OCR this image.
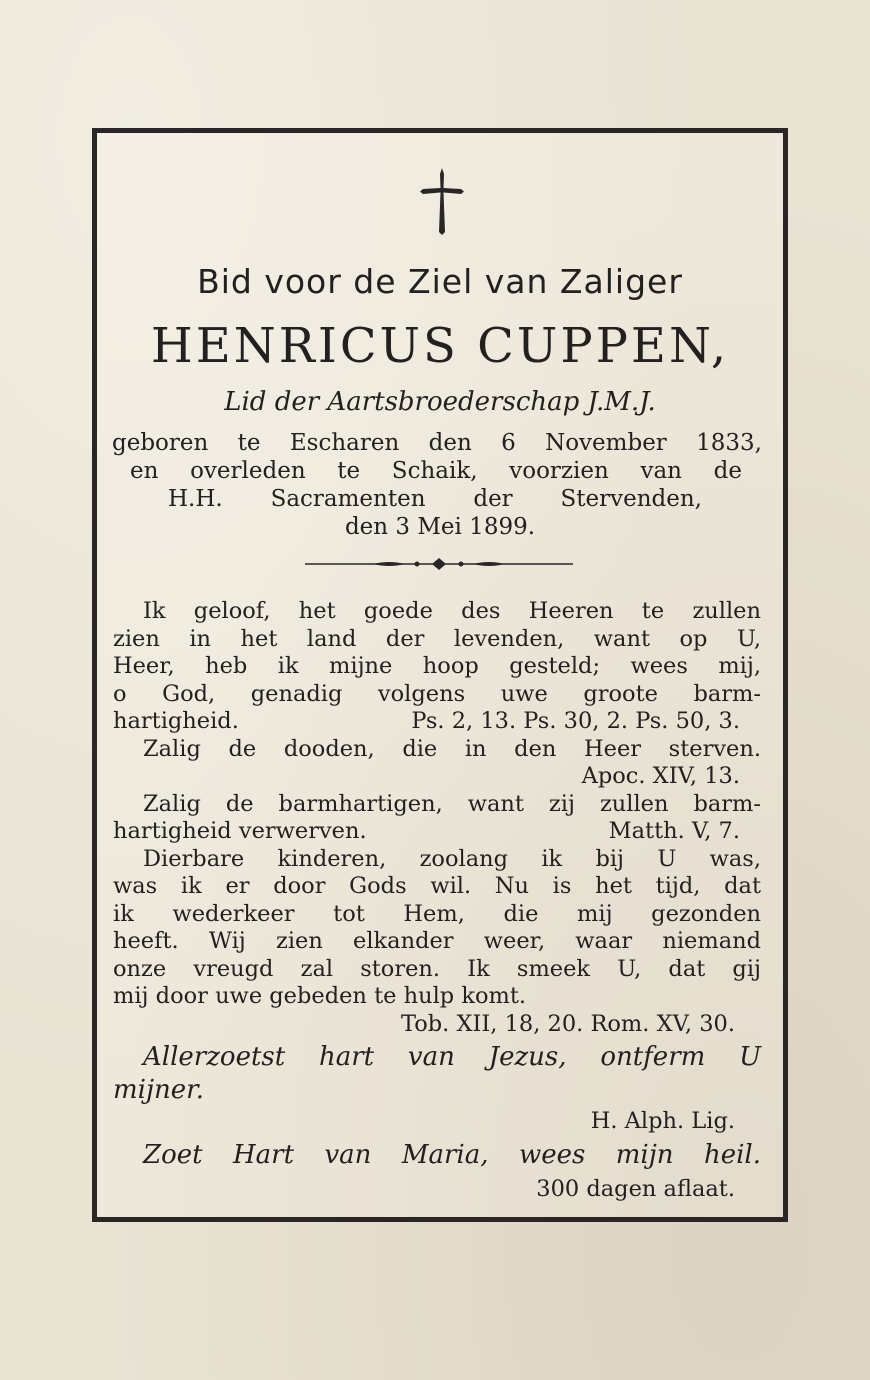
Bid voor de Ziel van Zaliger

HENRICUS CUPPEN,

Lid der Aartsbroederschap J.M.J.

geboren te Escharen den 6 November 1833,

en overleden te Schaik, voorzien van de

H.H. Sacramenten der Stervenden,

den 3 Mei 1899.

Ik geloof, het goede des Heeren te zullen

zien in het land der levenden, want op U,

Heer, heb ik mijne hoop gesteld; wees mij,

o God, genadig volgens uwe groote barm-

hartigheid.	Ps. 2, 13. Ps. 30, 2. Ps. 50, 3.

Zalig de dooden, die in den Heer sterven.

Apoc. XIV, 13.

Zalig de barmhartigen, want zij zullen barm-

hartigheid verwerven.	Matth. V, 7.

Dierbare kinderen, zoolang ik bij U was,

was ik er door Gods wil. Nu is het tijd, dat

ik wederkeer tot Hem, die mij gezonden

heeft. Wij zien elkander weer, waar niemand

onze vreugd zal storen. Ik smeek U, dat gij

mij door uwe gebeden te hulp komt.

Tob. XII, 18, 20. Rom. XV, 30.

Allerzoetst hart van Jezus, ontferm U

mijner.

H. Alph. Lig.

Zoet Hart van Maria, wees mijn heil.

300 dagen aflaat.
